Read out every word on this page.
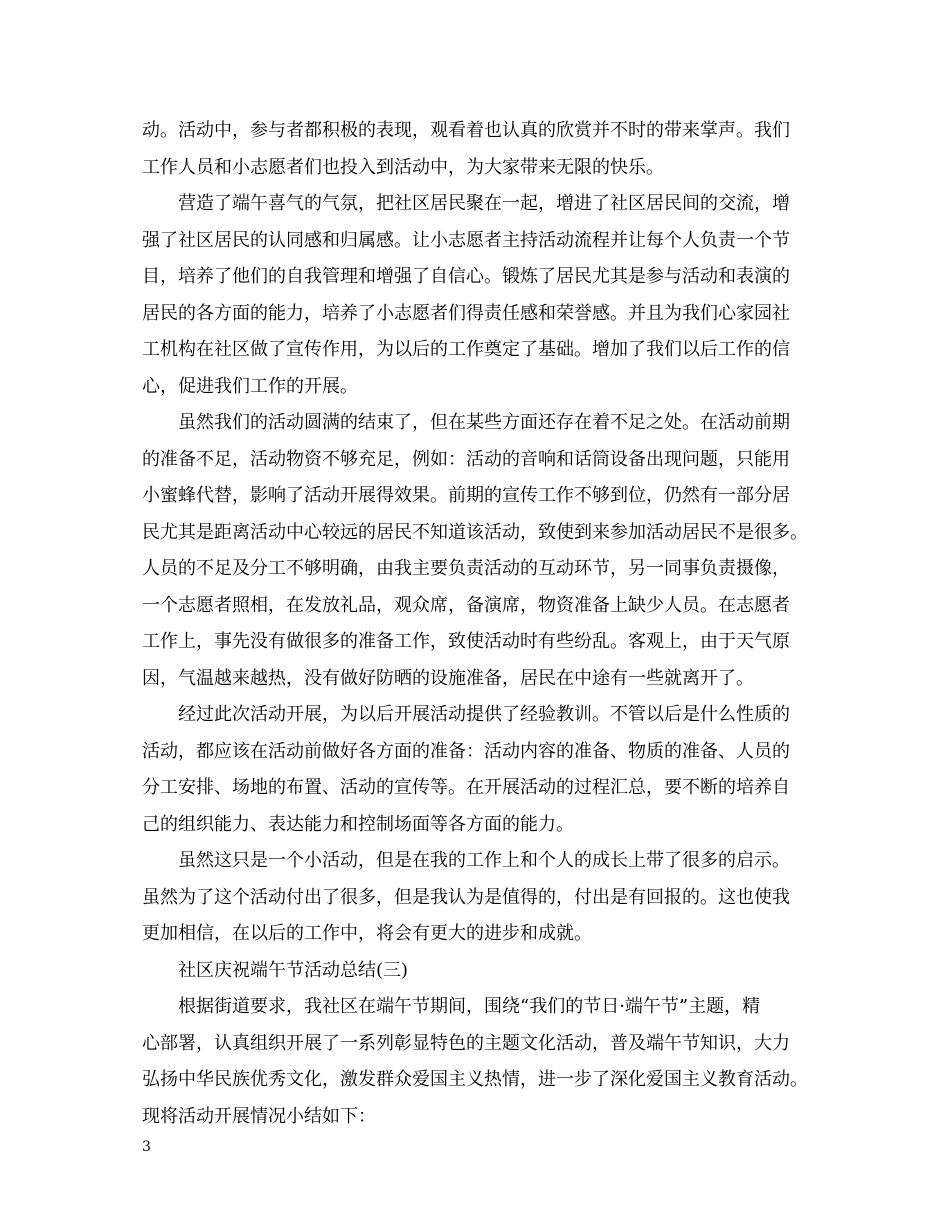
动。活动中，参与者都积极的表现，观看着也认真的欣赏并不时的带来掌声。我们
工作人员和小志愿者们也投入到活动中，为大家带来无限的快乐。
营造了端午喜气的气氛，把社区居民聚在一起，增进了社区居民间的交流，增
强了社区居民的认同感和归属感。让小志愿者主持活动流程并让每个人负责一个节
目，培养了他们的自我管理和增强了自信心。锻炼了居民尤其是参与活动和表演的
居民的各方面的能力，培养了小志愿者们得责任感和荣誉感。并且为我们心家园社
工机构在社区做了宣传作用，为以后的工作奠定了基础。增加了我们以后工作的信
心，促进我们工作的开展。
虽然我们的活动圆满的结束了，但在某些方面还存在着不足之处。在活动前期
的准备不足，活动物资不够充足，例如：活动的音响和话筒设备出现问题，只能用
小蜜蜂代替，影响了活动开展得效果。前期的宣传工作不够到位，仍然有一部分居
民尤其是距离活动中心较远的居民不知道该活动，致使到来参加活动居民不是很多。
人员的不足及分工不够明确，由我主要负责活动的互动环节，另一同事负责摄像，
一个志愿者照相，在发放礼品，观众席，备演席，物资准备上缺少人员。在志愿者
工作上，事先没有做很多的准备工作，致使活动时有些纷乱。客观上，由于天气原
因，气温越来越热，没有做好防晒的设施准备，居民在中途有一些就离开了。
经过此次活动开展，为以后开展活动提供了经验教训。不管以后是什么性质的
活动，都应该在活动前做好各方面的准备：活动内容的准备、物质的准备、人员的
分工安排、场地的布置、活动的宣传等。在开展活动的过程汇总，要不断的培养自
己的组织能力、表达能力和控制场面等各方面的能力。
虽然这只是一个小活动，但是在我的工作上和个人的成长上带了很多的启示。
虽然为了这个活动付出了很多，但是我认为是值得的，付出是有回报的。这也使我
更加相信，在以后的工作中，将会有更大的进步和成就。
社区庆祝端午节活动总结(三)
根据街道要求，我社区在端午节期间，围绕“我们的节日·端午节”主题，精
心部署，认真组织开展了一系列彰显特色的主题文化活动，普及端午节知识，大力
弘扬中华民族优秀文化，激发群众爱国主义热情，进一步了深化爱国主义教育活动。
现将活动开展情况小结如下：
3
